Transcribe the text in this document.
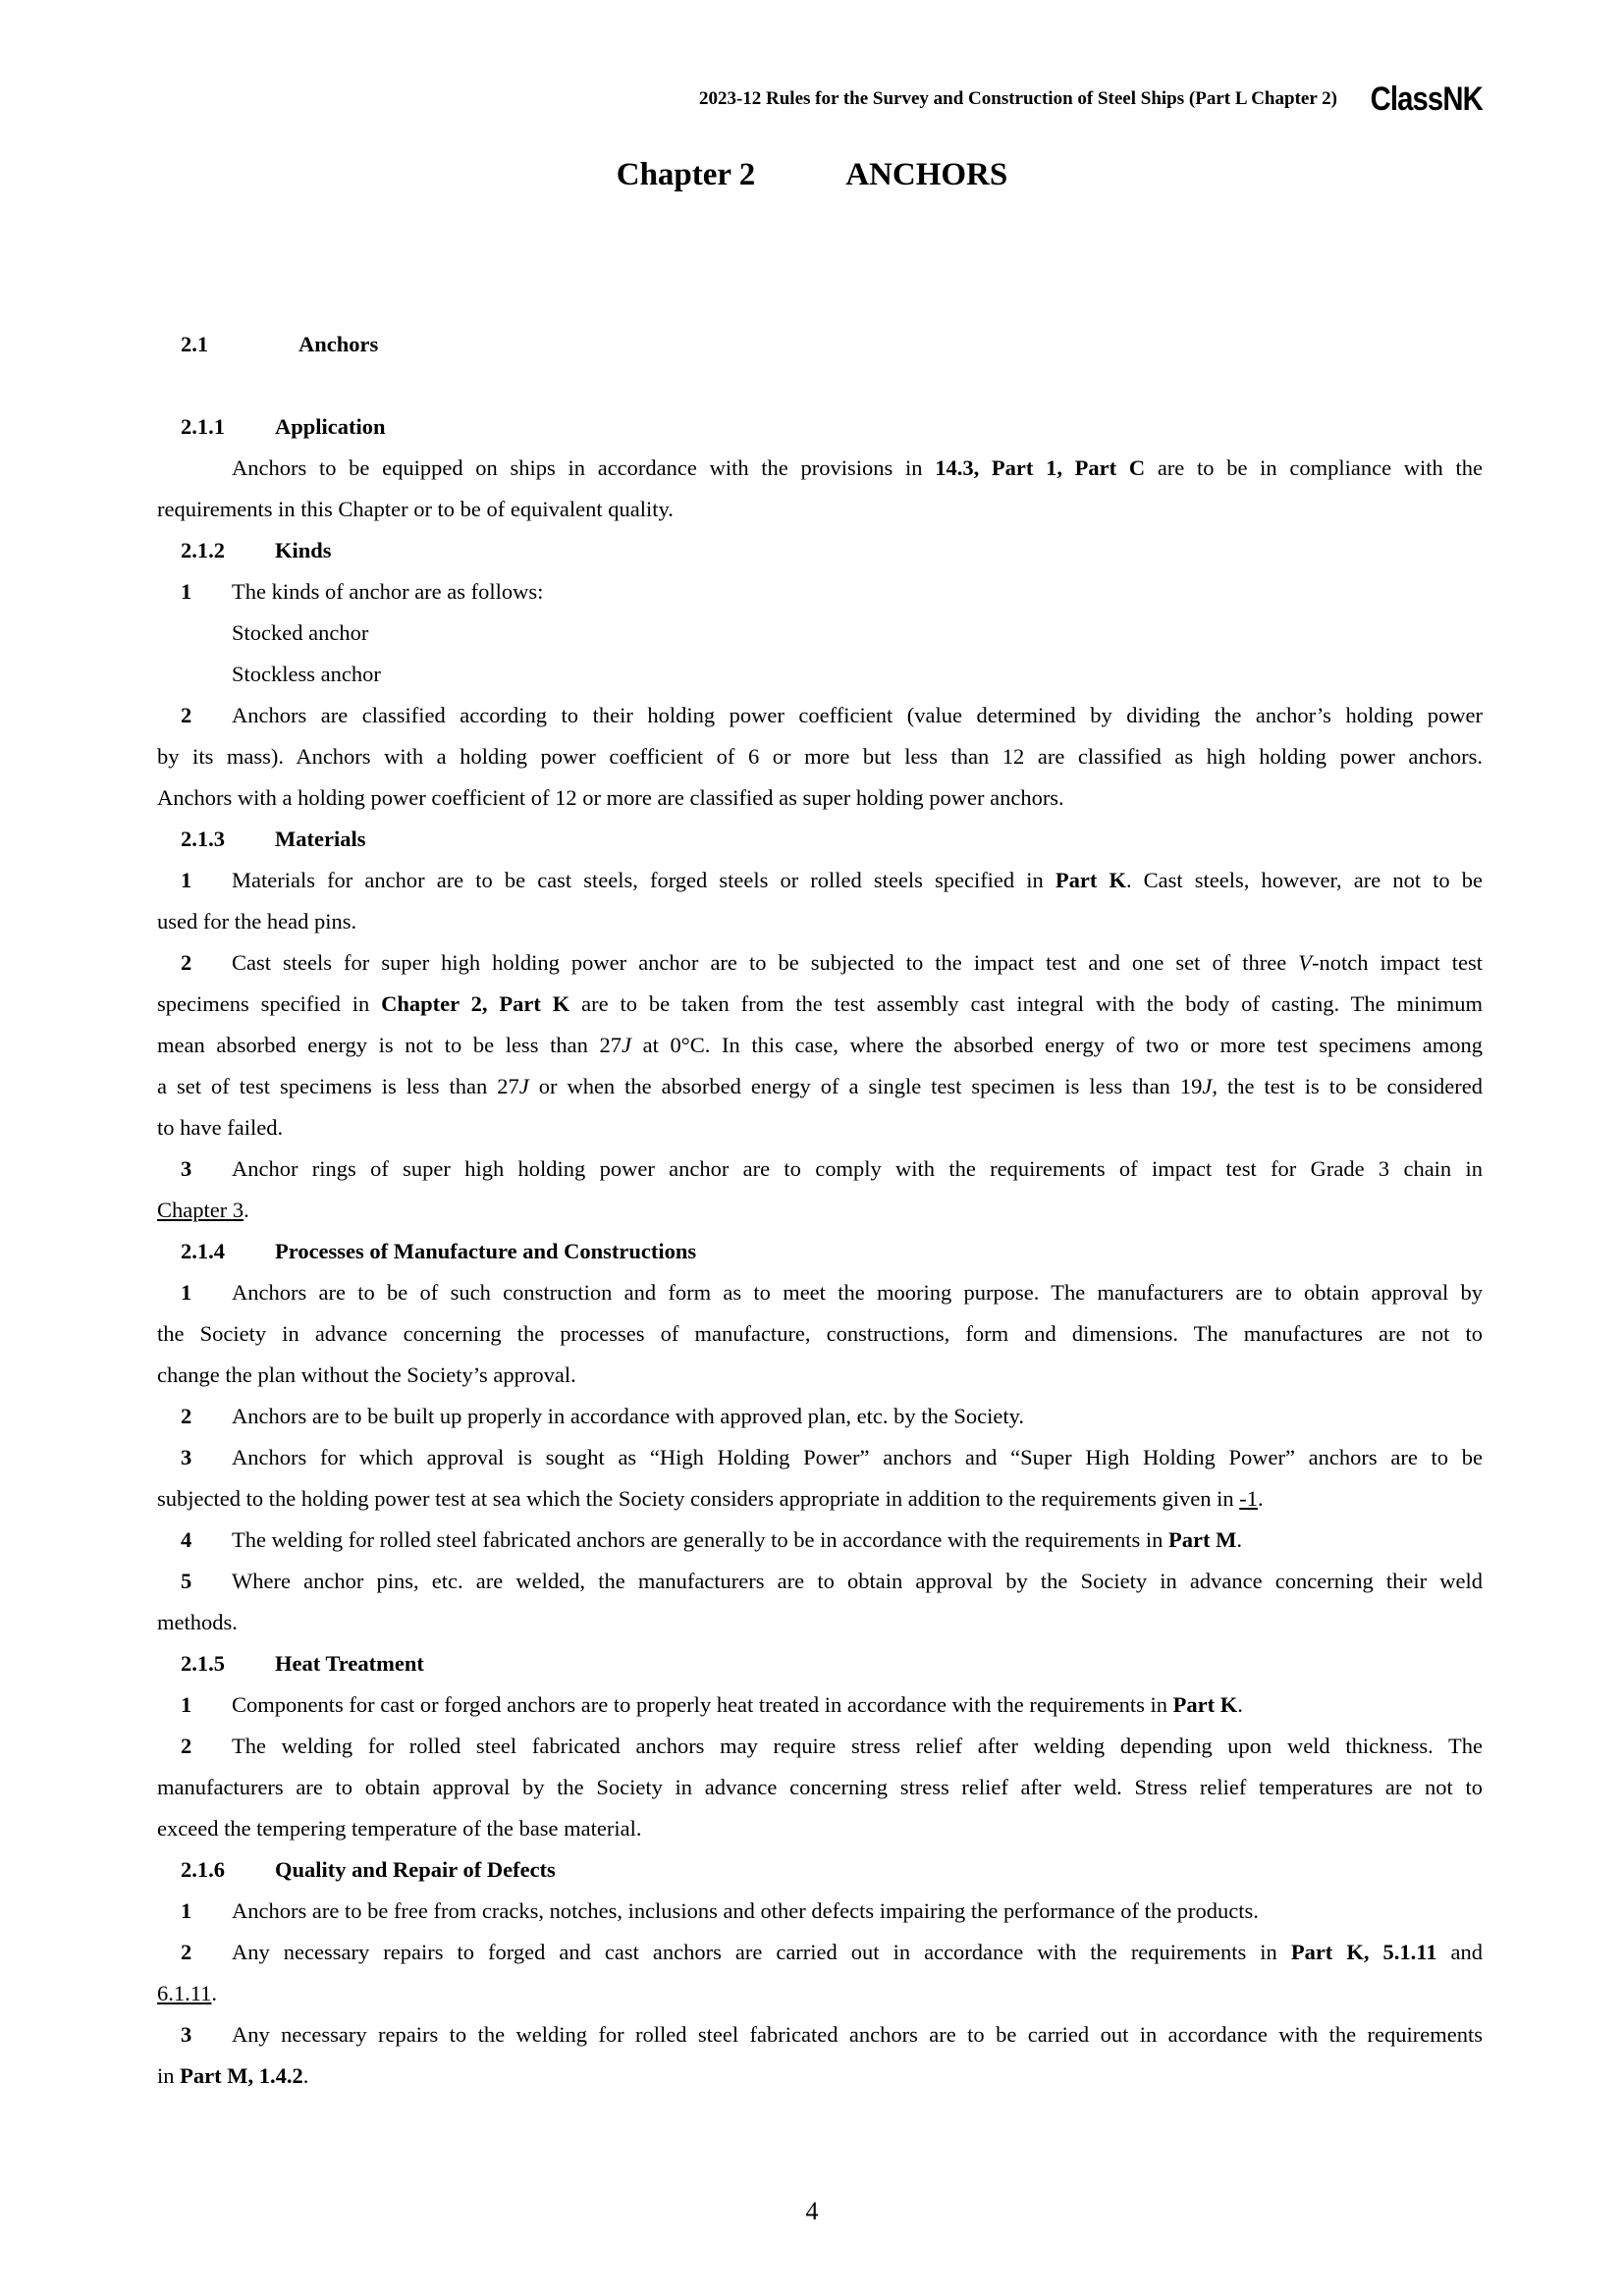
2023-12 Rules for the Survey and Construction of Steel Ships (Part L Chapter 2) ClassNK
Chapter 2	ANCHORS
2.1	Anchors
2.1.1 Application
Anchors to be equipped on ships in accordance with the provisions in 14.3, Part 1, Part C are to be in compliance with the
requirements in this Chapter or to be of equivalent quality.
2.1.2 Kinds
1 The kinds of anchor are as follows:
Stocked anchor
Stockless anchor
2 Anchors are classified according to their holding power coefficient (value determined by dividing the anchor’s holding power
by its mass). Anchors with a holding power coefficient of 6 or more but less than 12 are classified as high holding power anchors.
Anchors with a holding power coefficient of 12 or more are classified as super holding power anchors.
2.1.3 Materials
1 Materials for anchor are to be cast steels, forged steels or rolled steels specified in Part K. Cast steels, however, are not to be
used for the head pins.
2 Cast steels for super high holding power anchor are to be subjected to the impact test and one set of three V-notch impact test
specimens specified in Chapter 2, Part K are to be taken from the test assembly cast integral with the body of casting. The minimum
mean absorbed energy is not to be less than 27J at 0°C. In this case, where the absorbed energy of two or more test specimens among
a set of test specimens is less than 27J or when the absorbed energy of a single test specimen is less than 19J, the test is to be considered
to have failed.
3 Anchor rings of super high holding power anchor are to comply with the requirements of impact test for Grade 3 chain in
Chapter 3.
2.1.4 Processes of Manufacture and Constructions
1 Anchors are to be of such construction and form as to meet the mooring purpose. The manufacturers are to obtain approval by
the Society in advance concerning the processes of manufacture, constructions, form and dimensions. The manufactures are not to
change the plan without the Society’s approval.
2 Anchors are to be built up properly in accordance with approved plan, etc. by the Society.
3 Anchors for which approval is sought as “High Holding Power” anchors and “Super High Holding Power” anchors are to be
subjected to the holding power test at sea which the Society considers appropriate in addition to the requirements given in -1.
4 The welding for rolled steel fabricated anchors are generally to be in accordance with the requirements in Part M.
5 Where anchor pins, etc. are welded, the manufacturers are to obtain approval by the Society in advance concerning their weld
methods.
2.1.5 Heat Treatment
1 Components for cast or forged anchors are to properly heat treated in accordance with the requirements in Part K.
2 The welding for rolled steel fabricated anchors may require stress relief after welding depending upon weld thickness. The
manufacturers are to obtain approval by the Society in advance concerning stress relief after weld. Stress relief temperatures are not to
exceed the tempering temperature of the base material.
2.1.6 Quality and Repair of Defects
1 Anchors are to be free from cracks, notches, inclusions and other defects impairing the performance of the products.
2 Any necessary repairs to forged and cast anchors are carried out in accordance with the requirements in Part K, 5.1.11 and
6.1.11.
3 Any necessary repairs to the welding for rolled steel fabricated anchors are to be carried out in accordance with the requirements
in Part M, 1.4.2.
4
